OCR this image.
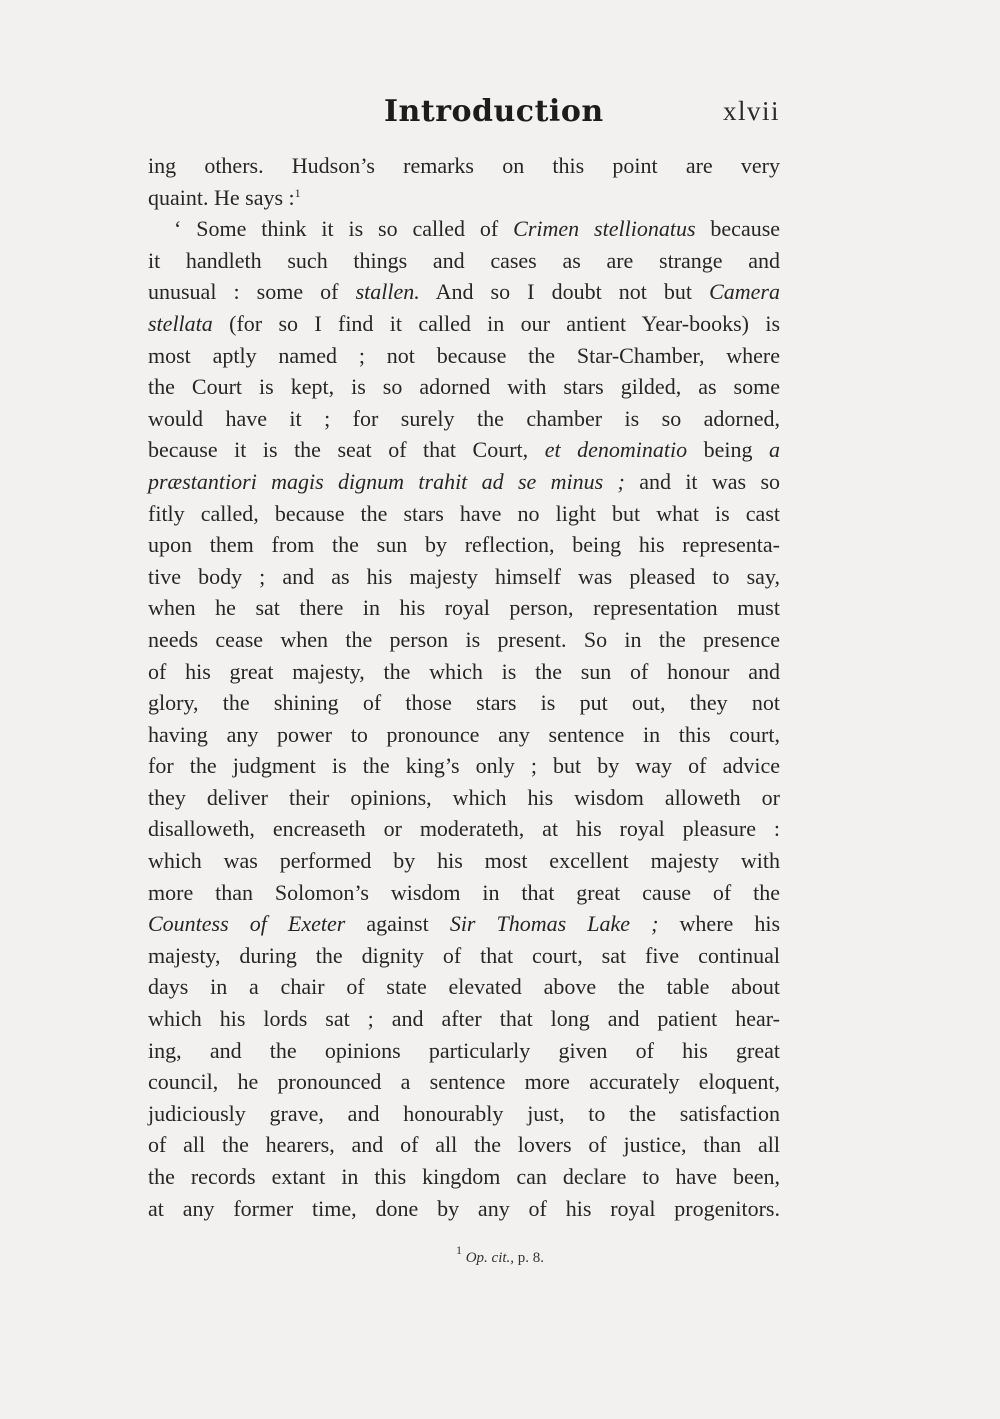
Introduction	xlvii
ing others. Hudson’s remarks on this point are very
quaint. He says :$^1$
‘ Some think it is so called of Crimen stellionatus because
it handleth such things and cases as are strange and
unusual : some of stallen. And so I doubt not but Camera
stellata (for so I find it called in our antient Year-books) is
most aptly named ; not because the Star-Chamber, where
the Court is kept, is so adorned with stars gilded, as some
would have it ; for surely the chamber is so adorned,
because it is the seat of that Court, et denominatio being a
præstantiori magis dignum trahit ad se minus ; and it was so
fitly called, because the stars have no light but what is cast
upon them from the sun by reflection, being his representa-
tive body ; and as his majesty himself was pleased to say,
when he sat there in his royal person, representation must
needs cease when the person is present. So in the presence
of his great majesty, the which is the sun of honour and
glory, the shining of those stars is put out, they not
having any power to pronounce any sentence in this court,
for the judgment is the king’s only ; but by way of advice
they deliver their opinions, which his wisdom alloweth or
disalloweth, encreaseth or moderateth, at his royal pleasure :
which was performed by his most excellent majesty with
more than Solomon’s wisdom in that great cause of the
Countess of Exeter against Sir Thomas Lake ; where his
majesty, during the dignity of that court, sat five continual
days in a chair of state elevated above the table about
which his lords sat ; and after that long and patient hear-
ing, and the opinions particularly given of his great
council, he pronounced a sentence more accurately eloquent,
judiciously grave, and honourably just, to the satisfaction
of all the hearers, and of all the lovers of justice, than all
the records extant in this kingdom can declare to have been,
at any former time, done by any of his royal progenitors.
$^1$ Op. cit., p. 8.
